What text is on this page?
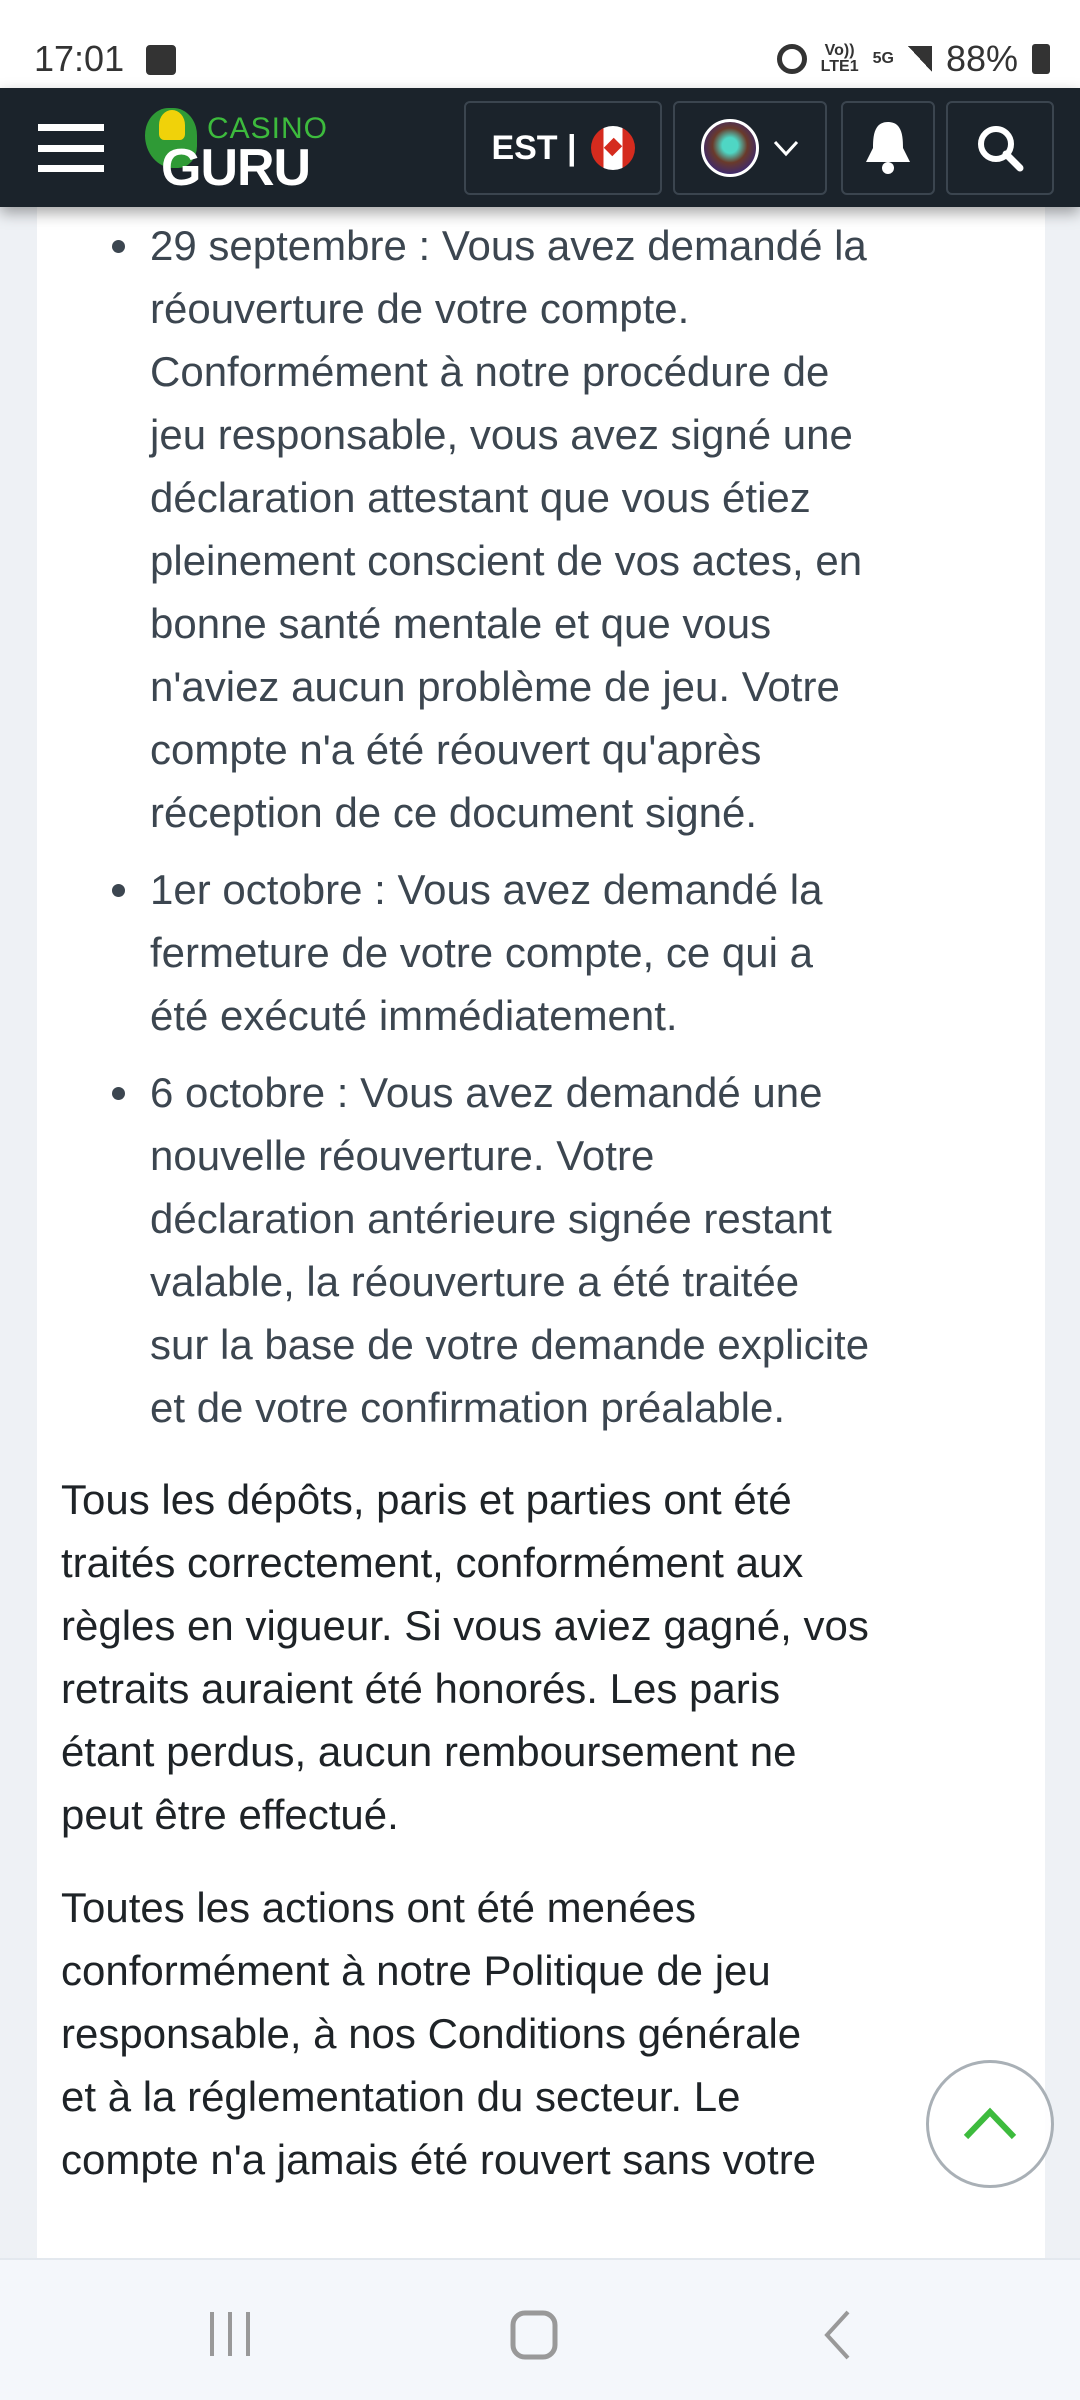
17:01	Vo))
LTE1 5G 88%
CASINO
GURU	EST |
29 septembre : Vous avez demandé la
réouverture de votre compte.
Conformément à notre procédure de
jeu responsable, vous avez signé une
déclaration attestant que vous étiez
pleinement conscient de vos actes, en
bonne santé mentale et que vous
n'aviez aucun problème de jeu. Votre
compte n'a été réouvert qu'après
réception de ce document signé.
1er octobre : Vous avez demandé la
fermeture de votre compte, ce qui a
été exécuté immédiatement.
6 octobre : Vous avez demandé une
nouvelle réouverture. Votre
déclaration antérieure signée restant
valable, la réouverture a été traitée
sur la base de votre demande explicite
et de votre confirmation préalable.
Tous les dépôts, paris et parties ont été
traités correctement, conformément aux
règles en vigueur. Si vous aviez gagné, vos
retraits auraient été honorés. Les paris
étant perdus, aucun remboursement ne
peut être effectué.
Toutes les actions ont été menées
conformément à notre Politique de jeu
responsable, à nos Conditions générale
et à la réglementation du secteur. Le
compte n'a jamais été rouvert sans votre
